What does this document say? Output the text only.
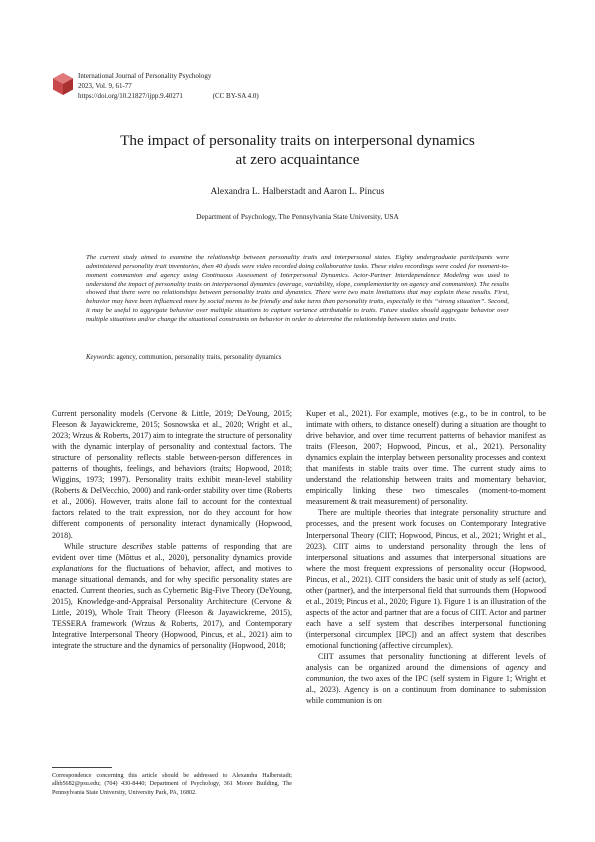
International Journal of Personality Psychology
2023, Vol. 9, 61-77
https://doi.org/10.21827/ijpp.9.40271	(CC BY-SA 4.0)
The impact of personality traits on interpersonal dynamics
at zero acquaintance
Alexandra L. Halberstadt and Aaron L. Pincus
Department of Psychology, The Pennsylvania State University, USA
The current study aimed to examine the relationship between personality traits and interpersonal states. Eighty undergraduate participants were administered personality trait inventories, then 40 dyads were video recorded doing collaborative tasks. These video recordings were coded for moment-to-moment communion and agency using Continuous Assessment of Interpersonal Dynamics. Actor-Partner Interdependence Modeling was used to understand the impact of personality traits on interpersonal dynamics (average, variability, slope, complementarity on agency and communion). The results showed that there were no relationships between personality traits and dynamics. There were two main limitations that may explain these results. First, behavior may have been influenced more by social norms to be friendly and take turns than personality traits, especially in this “strong situation”. Second, it may be useful to aggregate behavior over multiple situations to capture variance attributable to traits. Future studies should aggregate behavior over multiple situations and/or change the situational constraints on behavior in order to determine the relationship between states and traits.
Keywords: agency, communion, personality traits, personality dynamics

Current personality models (Cervone & Little, 2019; DeYoung, 2015; Fleeson & Jayawickreme, 2015; Sosnowska et al., 2020; Wright et al., 2023; Wrzus & Roberts, 2017) aim to integrate the structure of personality with the dynamic interplay of personality and contextual factors. The structure of personality reflects stable between-person differences in patterns of thoughts, feelings, and behaviors (traits; Hopwood, 2018; Wiggins, 1973; 1997). Personality traits exhibit mean-level stability (Roberts & DelVecchio, 2000) and rank-order stability over time (Roberts et al., 2006). However, traits alone fail to account for the contextual factors related to the trait expression, nor do they account for how different components of personality interact dynamically (Hopwood, 2018).

While structure describes stable patterns of responding that are evident over time (Mõttus et al., 2020), personality dynamics provide explanations for the fluctuations of behavior, affect, and motives to manage situational demands, and for why specific personality states are enacted. Current theories, such as Cybernetic Big-Five Theory (DeYoung, 2015), Knowledge-and-Appraisal Personality Architecture (Cervone & Little, 2019), Whole Trait Theory (Fleeson & Jayawickreme, 2015), TESSERA framework (Wrzus & Roberts, 2017), and Contemporary Integrative Interpersonal Theory (Hopwood, Pincus, et al., 2021) aim to integrate the structure and the dynamics of personality (Hopwood, 2018;

Kuper et al., 2021). For example, motives (e.g., to be in control, to be intimate with others, to distance oneself) during a situation are thought to drive behavior, and over time recurrent patterns of behavior manifest as traits (Fleeson, 2007; Hopwood, Pincus, et al., 2021). Personality dynamics explain the interplay between personality processes and context that manifests in stable traits over time. The current study aims to understand the relationship between traits and momentary behavior, empirically linking these two timescales (moment-to-moment measurement & trait measurement) of personality.

There are multiple theories that integrate personality structure and processes, and the present work focuses on Contemporary Integrative Interpersonal Theory (CIIT; Hopwood, Pincus, et al., 2021; Wright et al., 2023). CIIT aims to understand personality through the lens of interpersonal situations and assumes that interpersonal situations are where the most frequent expressions of personality occur (Hopwood, Pincus, et al., 2021). CIIT considers the basic unit of study as self (actor), other (partner), and the interpersonal field that surrounds them (Hopwood et al., 2019; Pincus et al., 2020; Figure 1). Figure 1 is an illustration of the aspects of the actor and partner that are a focus of CIIT. Actor and partner each have a self system that describes interpersonal functioning (interpersonal circumplex [IPC]) and an affect system that describes emotional functioning (affective circumplex).

CIIT assumes that personality functioning at different levels of analysis can be organized around the dimensions of agency and communion, the two axes of the IPC (self system in Figure 1; Wright et al., 2023). Agency is on a continuum from dominance to submission while communion is on

Correspondence concerning this article should be addressed to Alexandra Halberstadt; alhb5682@psu.edu; (704) 430-8440; Department of Psychology, 361 Moore Building, The Pennsylvania State University, University Park, PA, 16802.
